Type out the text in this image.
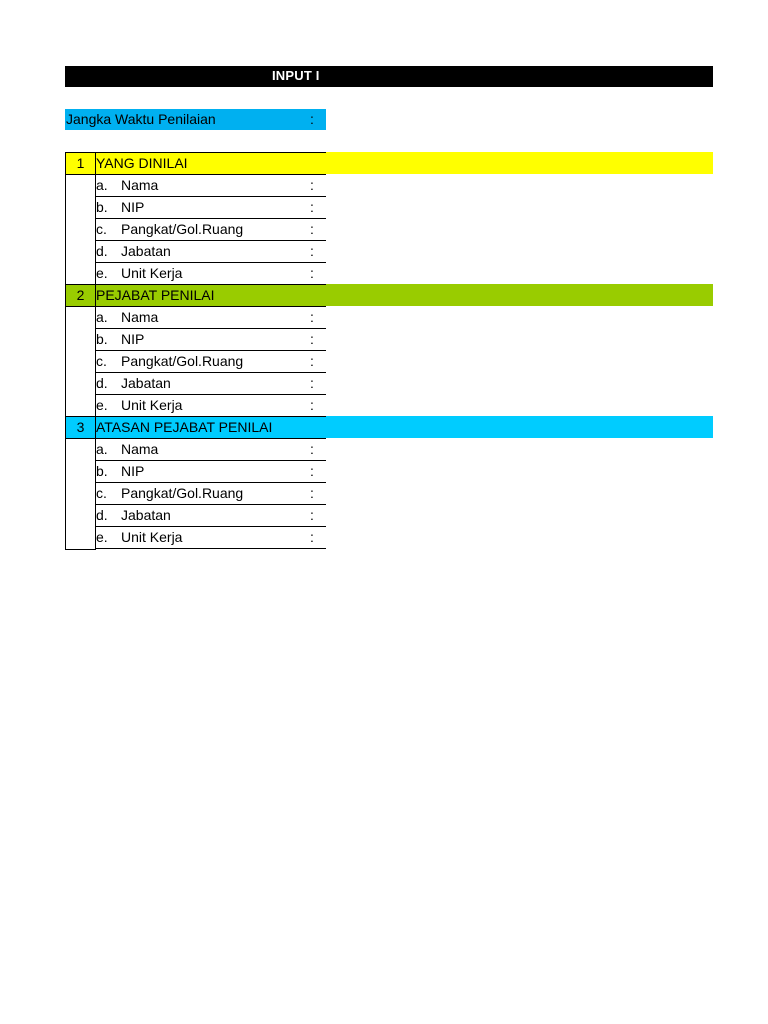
INPUT I
Jangka Waktu Penilaian	:
1 YANG DINILAI
a. Nama	:
b. NIP	:
c. Pangkat/Gol.Ruang	:
d. Jabatan	:
e. Unit Kerja	:
2 PEJABAT PENILAI
a. Nama	:
b. NIP	:
c. Pangkat/Gol.Ruang	:
d. Jabatan	:
e. Unit Kerja	:
3 ATASAN PEJABAT PENILAI
a. Nama	:
b. NIP	:
c. Pangkat/Gol.Ruang	:
d. Jabatan	:
e. Unit Kerja	:
